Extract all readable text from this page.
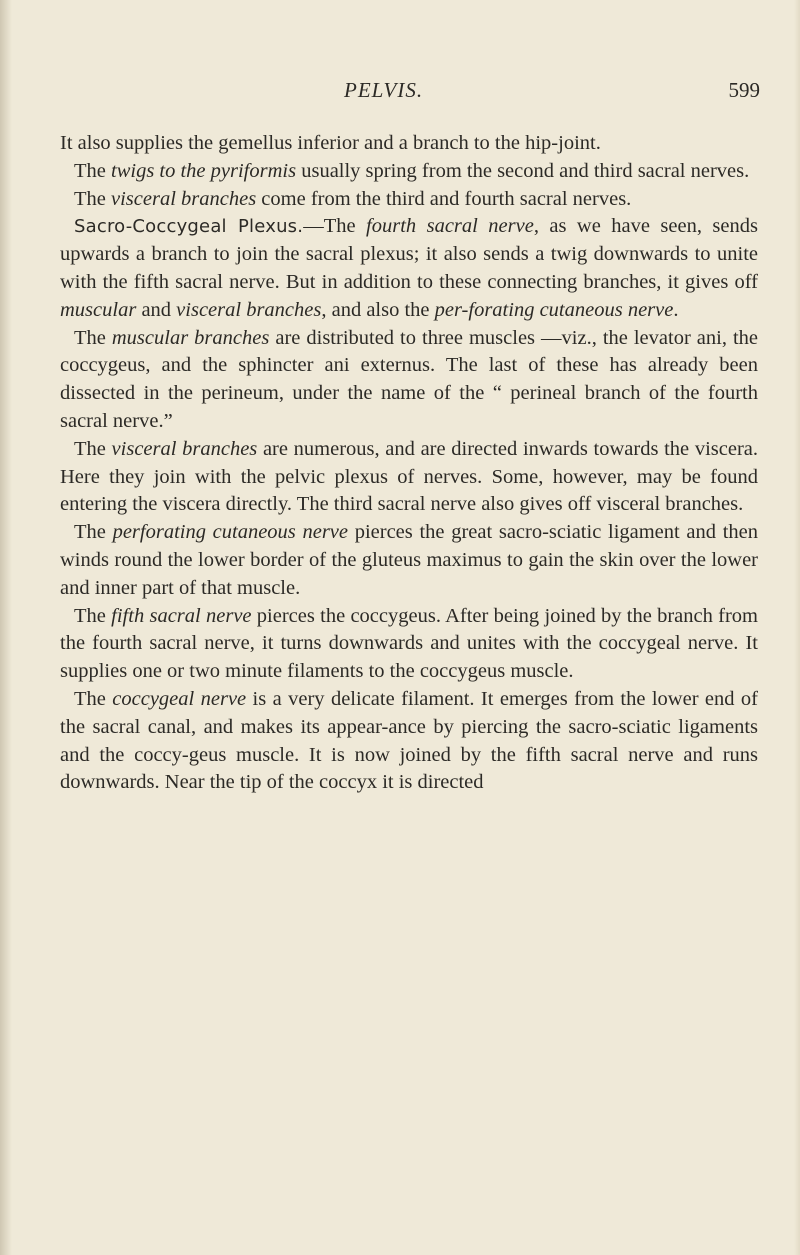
PELVIS.	599

It also supplies the gemellus inferior and a branch to the hip-joint.

The twigs to the pyriformis usually spring from the second and third sacral nerves.

The visceral branches come from the third and fourth sacral nerves.

Sacro-Coccygeal Plexus.—The fourth sacral nerve, as we have seen, sends upwards a branch to join the sacral plexus; it also sends a twig downwards to unite with the fifth sacral nerve. But in addition to these connecting branches, it gives off muscular and visceral branches, and also the per-forating cutaneous nerve.

The muscular branches are distributed to three muscles —viz., the levator ani, the coccygeus, and the sphincter ani externus. The last of these has already been dissected in the perineum, under the name of the “ perineal branch of the fourth sacral nerve.”

The visceral branches are numerous, and are directed inwards towards the viscera. Here they join with the pelvic plexus of nerves. Some, however, may be found entering the viscera directly. The third sacral nerve also gives off visceral branches.

The perforating cutaneous nerve pierces the great sacro-sciatic ligament and then winds round the lower border of the gluteus maximus to gain the skin over the lower and inner part of that muscle.

The fifth sacral nerve pierces the coccygeus. After being joined by the branch from the fourth sacral nerve, it turns downwards and unites with the coccygeal nerve. It supplies one or two minute filaments to the coccygeus muscle.

The coccygeal nerve is a very delicate filament. It emerges from the lower end of the sacral canal, and makes its appear-ance by piercing the sacro-sciatic ligaments and the coccy-geus muscle. It is now joined by the fifth sacral nerve and runs downwards. Near the tip of the coccyx it is directed
